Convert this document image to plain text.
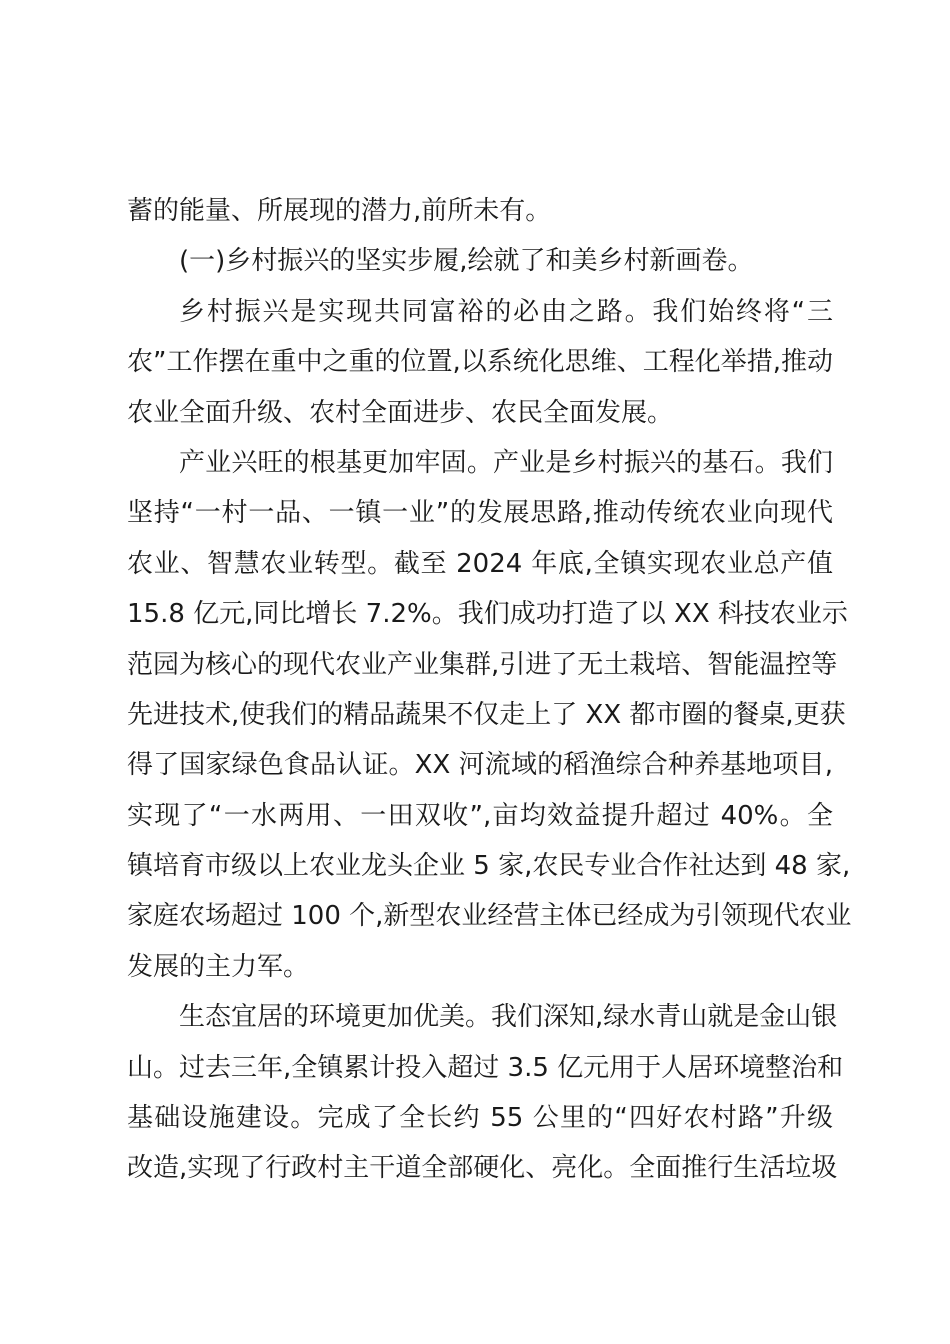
蓄的能量、所展现的潜力,前所未有。
(一)乡村振兴的坚实步履,绘就了和美乡村新画卷。
乡村振兴是实现共同富裕的必由之路。我们始终将“三
农”工作摆在重中之重的位置,以系统化思维、工程化举措,推动
农业全面升级、农村全面进步、农民全面发展。
产业兴旺的根基更加牢固。产业是乡村振兴的基石。我们
坚持“一村一品、一镇一业”的发展思路,推动传统农业向现代
农业、智慧农业转型。截至 2024 年底,全镇实现农业总产值
15.8 亿元,同比增长 7.2%。我们成功打造了以 XX 科技农业示
范园为核心的现代农业产业集群,引进了无土栽培、智能温控等
先进技术,使我们的精品蔬果不仅走上了 XX 都市圈的餐桌,更获
得了国家绿色食品认证。XX 河流域的稻渔综合种养基地项目,
实现了“一水两用、一田双收”,亩均效益提升超过 40%。全
镇培育市级以上农业龙头企业 5 家,农民专业合作社达到 48 家,
家庭农场超过 100 个,新型农业经营主体已经成为引领现代农业
发展的主力军。
生态宜居的环境更加优美。我们深知,绿水青山就是金山银
山。过去三年,全镇累计投入超过 3.5 亿元用于人居环境整治和
基础设施建设。完成了全长约 55 公里的“四好农村路”升级
改造,实现了行政村主干道全部硬化、亮化。全面推行生活垃圾
